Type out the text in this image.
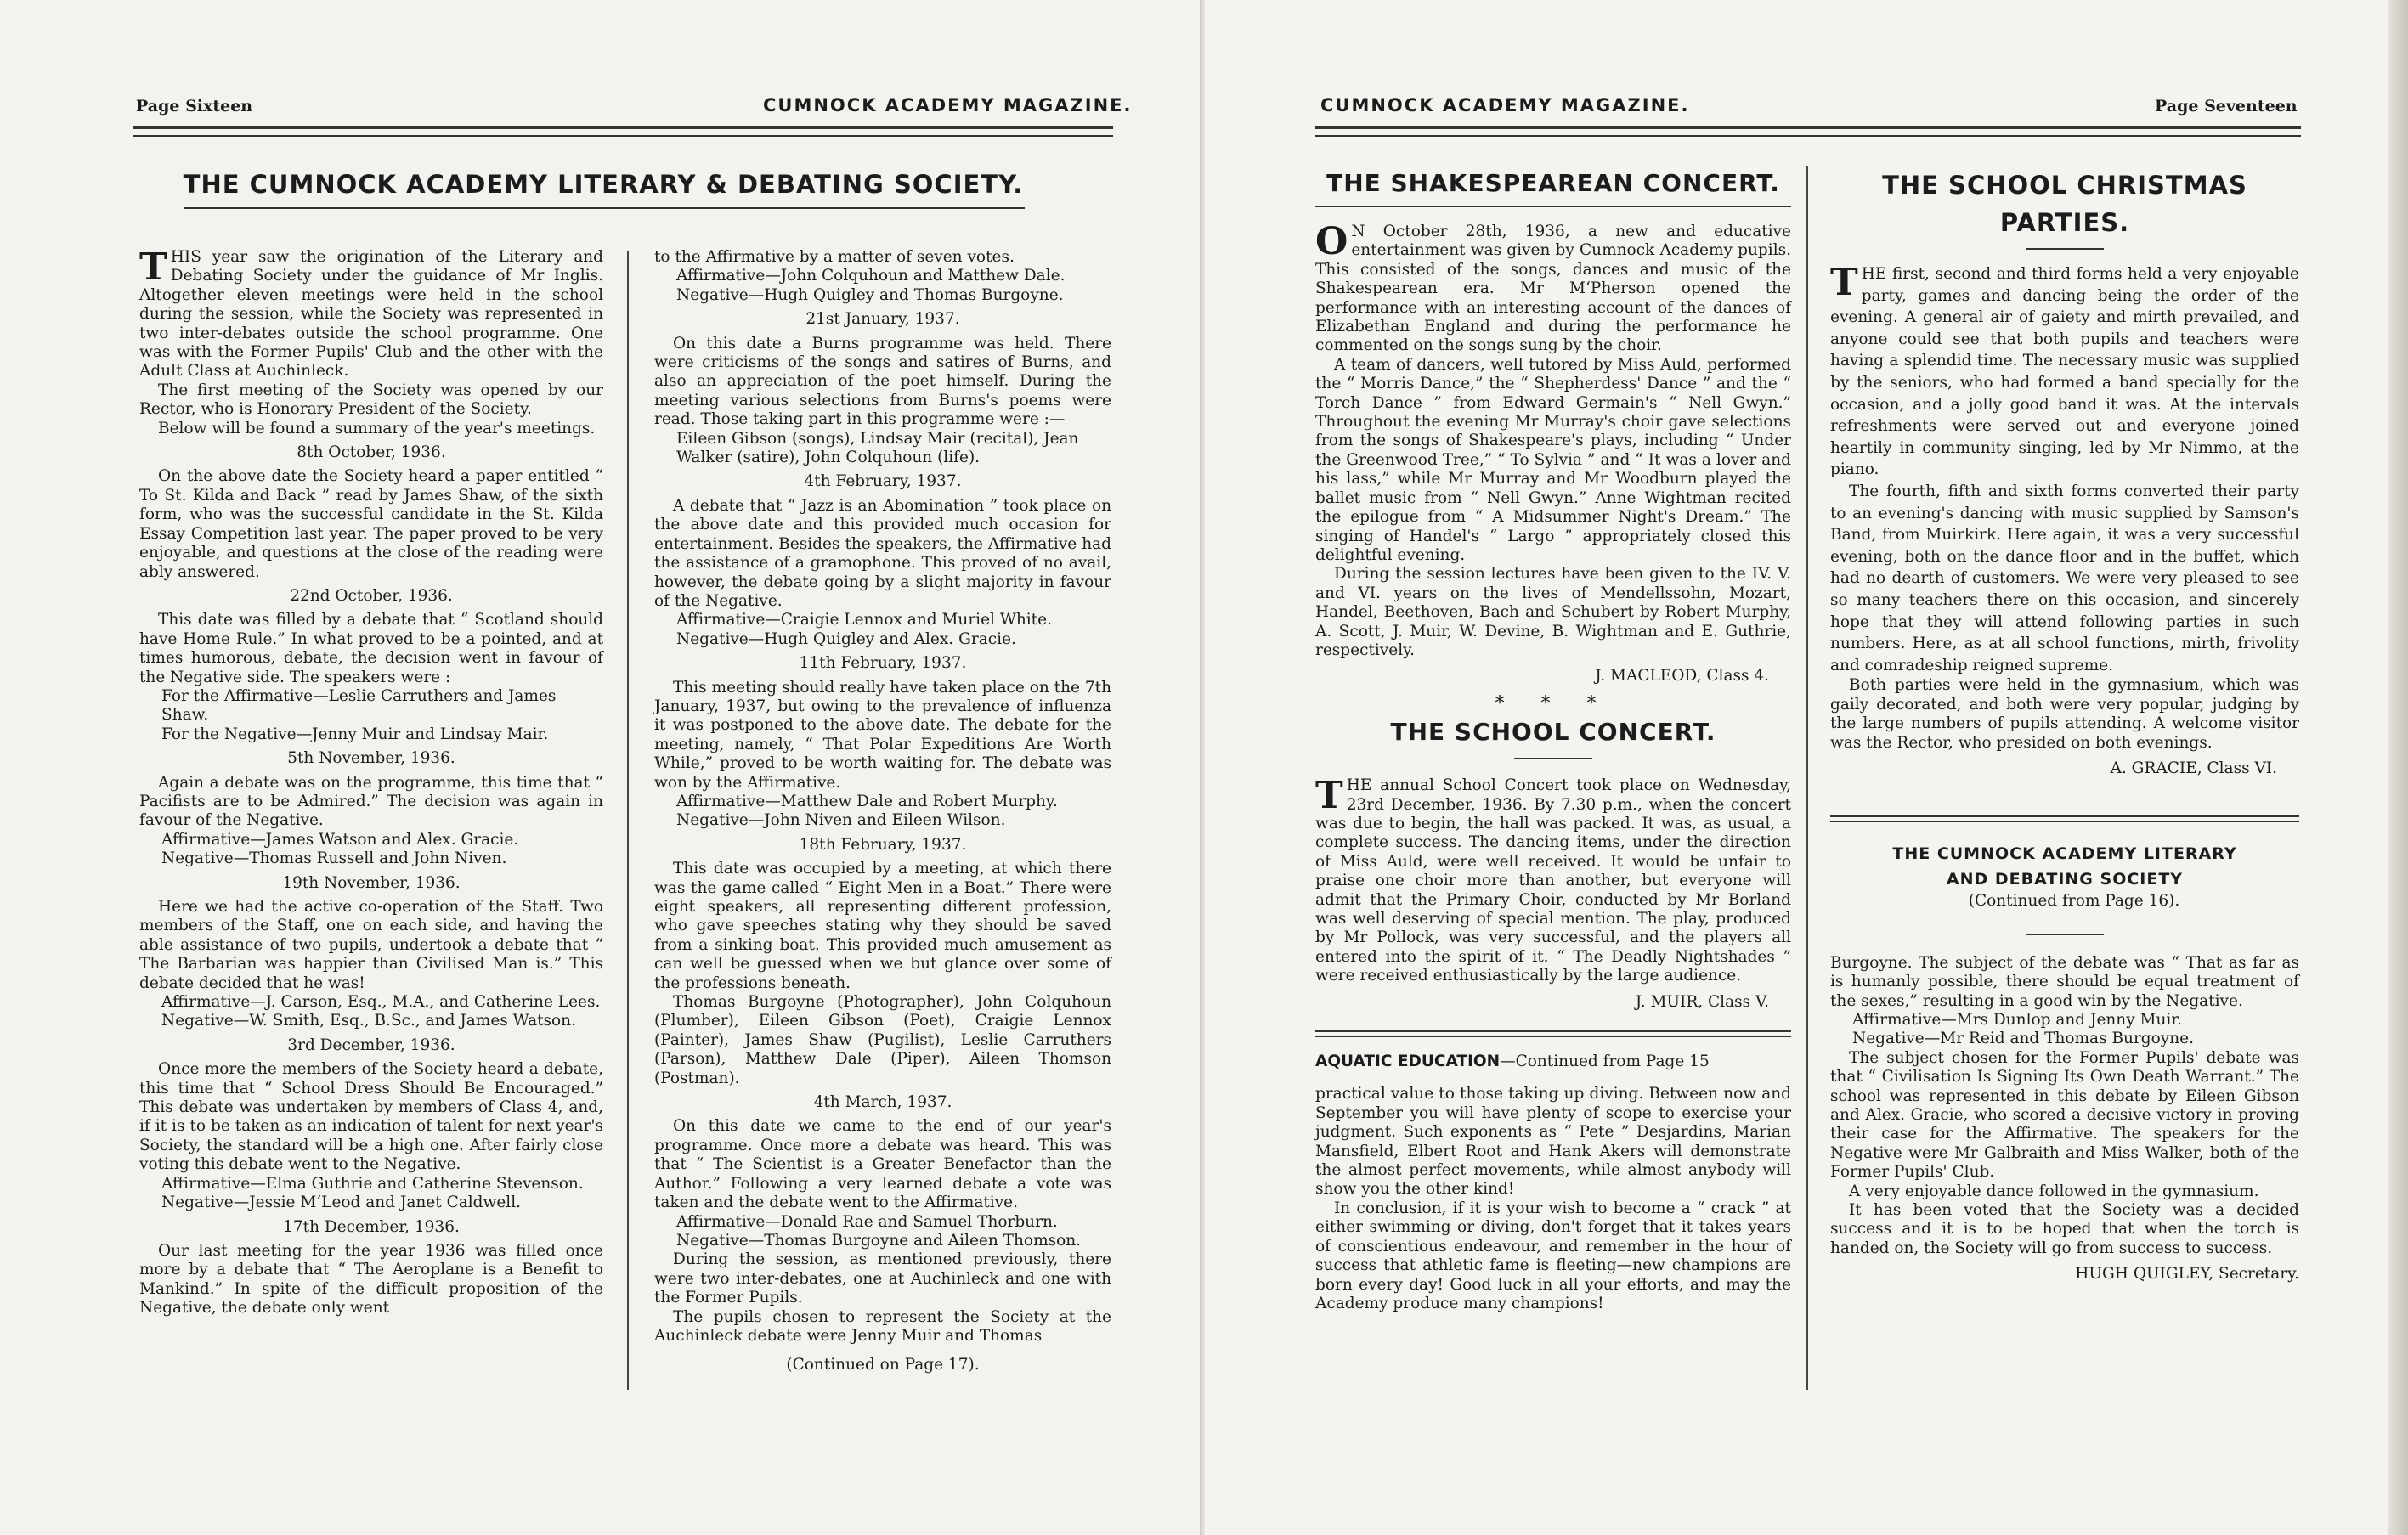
Page Sixteen	CUMNOCK ACADEMY MAGAZINE.
THE CUMNOCK ACADEMY LITERARY & DEBATING SOCIETY.

THIS year saw the origination of the Literary and Debating Society under the guidance of Mr Inglis. Altogether eleven meetings were held in the school during the session, while the Society was represented in two inter-debates outside the school programme. One was with the Former Pupils' Club and the other with the Adult Class at Auchinleck.

The first meeting of the Society was opened by our Rector, who is Honorary President of the Society.

Below will be found a summary of the year's meetings.

8th October, 1936.

On the above date the Society heard a paper entitled “ To St. Kilda and Back ” read by James Shaw, of the sixth form, who was the successful candidate in the St. Kilda Essay Competition last year. The paper proved to be very enjoyable, and questions at the close of the reading were ably answered.

22nd October, 1936.

This date was filled by a debate that “ Scotland should have Home Rule.” In what proved to be a pointed, and at times humorous, debate, the decision went in favour of the Negative side. The speakers were :

For the Affirmative—Leslie Carruthers and James Shaw.

For the Negative—Jenny Muir and Lindsay Mair.

5th November, 1936.

Again a debate was on the programme, this time that “ Pacifists are to be Admired.” The decision was again in favour of the Negative.

Affirmative—James Watson and Alex. Gracie.

Negative—Thomas Russell and John Niven.

19th November, 1936.

Here we had the active co-operation of the Staff. Two members of the Staff, one on each side, and having the able assistance of two pupils, undertook a debate that “ The Barbarian was happier than Civilised Man is.” This debate decided that he was!

Affirmative—J. Carson, Esq., M.A., and Catherine Lees.

Negative—W. Smith, Esq., B.Sc., and James Watson.

3rd December, 1936.

Once more the members of the Society heard a debate, this time that “ School Dress Should Be Encouraged.” This debate was undertaken by members of Class 4, and, if it is to be taken as an indication of talent for next year's Society, the standard will be a high one. After fairly close voting this debate went to the Negative.

Affirmative—Elma Guthrie and Catherine Stevenson.

Negative—Jessie M‘Leod and Janet Caldwell.

17th December, 1936.

Our last meeting for the year 1936 was filled once more by a debate that “ The Aeroplane is a Benefit to Mankind.” In spite of the difficult proposition of the Negative, the debate only went

to the Affirmative by a matter of seven votes.

Affirmative—John Colquhoun and Matthew Dale.

Negative—Hugh Quigley and Thomas Burgoyne.

21st January, 1937.

On this date a Burns programme was held. There were criticisms of the songs and satires of Burns, and also an appreciation of the poet himself. During the meeting various selections from Burns's poems were read. Those taking part in this programme were :—

Eileen Gibson (songs), Lindsay Mair (recital), Jean Walker (satire), John Colquhoun (life).

4th February, 1937.

A debate that “ Jazz is an Abomination ” took place on the above date and this provided much occasion for entertainment. Besides the speakers, the Affirmative had the assistance of a gramophone. This proved of no avail, however, the debate going by a slight majority in favour of the Negative.

Affirmative—Craigie Lennox and Muriel White.

Negative—Hugh Quigley and Alex. Gracie.

11th February, 1937.

This meeting should really have taken place on the 7th January, 1937, but owing to the prevalence of influenza it was postponed to the above date. The debate for the meeting, namely, “ That Polar Expeditions Are Worth While,” proved to be worth waiting for. The debate was won by the Affirmative.

Affirmative—Matthew Dale and Robert Murphy.

Negative—John Niven and Eileen Wilson.

18th February, 1937.

This date was occupied by a meeting, at which there was the game called “ Eight Men in a Boat.” There were eight speakers, all representing different profession, who gave speeches stating why they should be saved from a sinking boat. This provided much amusement as can well be guessed when we but glance over some of the professions beneath.

Thomas Burgoyne (Photographer), John Colquhoun (Plumber), Eileen Gibson (Poet), Craigie Lennox (Painter), James Shaw (Pugilist), Leslie Carruthers (Parson), Matthew Dale (Piper), Aileen Thomson (Postman).

4th March, 1937.

On this date we came to the end of our year's programme. Once more a debate was heard. This was that “ The Scientist is a Greater Benefactor than the Author.” Following a very learned debate a vote was taken and the debate went to the Affirmative.

Affirmative—Donald Rae and Samuel Thorburn.

Negative—Thomas Burgoyne and Aileen Thomson.

During the session, as mentioned previously, there were two inter-debates, one at Auchinleck and one with the Former Pupils.

The pupils chosen to represent the Society at the Auchinleck debate were Jenny Muir and Thomas

(Continued on Page 17).

CUMNOCK ACADEMY MAGAZINE.	Page Seventeen
THE SHAKESPEAREAN CONCERT.

O N October 28th, 1936, a new and educative entertainment was given by Cumnock Academy pupils. This consisted of the songs, dances and music of the Shakespearean era. Mr M‘Pherson opened the performance with an interesting account of the dances of Elizabethan England and during the performance he commented on the songs sung by the choir.

A team of dancers, well tutored by Miss Auld, performed the “ Morris Dance,” the “ Shepherdess' Dance ” and the “ Torch Dance ” from Edward Germain's “ Nell Gwyn.” Throughout the evening Mr Murray's choir gave selections from the songs of Shakespeare's plays, including “ Under the Greenwood Tree,” “ To Sylvia ” and “ It was a lover and his lass,” while Mr Murray and Mr Woodburn played the ballet music from “ Nell Gwyn.” Anne Wightman recited the epilogue from “ A Midsummer Night's Dream.” The singing of Handel's “ Largo ” appropriately closed this delightful evening.

During the session lectures have been given to the IV. V. and VI. years on the lives of Mendellssohn, Mozart, Handel, Beethoven, Bach and Schubert by Robert Murphy, A. Scott, J. Muir, W. Devine, B. Wightman and E. Guthrie, respectively.

J. MACLEOD, Class 4.

* * *

THE SCHOOL CONCERT.

THE annual School Concert took place on Wednesday, 23rd December, 1936. By 7.30 p.m., when the concert was due to begin, the hall was packed. It was, as usual, a complete success. The dancing items, under the direction of Miss Auld, were well received. It would be unfair to praise one choir more than another, but everyone will admit that the Primary Choir, conducted by Mr Borland was well deserving of special mention. The play, produced by Mr Pollock, was very successful, and the players all entered into the spirit of it. “ The Deadly Nightshades ” were received enthusiastically by the large audience.

J. MUIR, Class V.

AQUATIC EDUCATION—Continued from Page 15

practical value to those taking up diving. Between now and September you will have plenty of scope to exercise your judgment. Such exponents as “ Pete ” Desjardins, Marian Mansfield, Elbert Root and Hank Akers will demonstrate the almost perfect movements, while almost anybody will show you the other kind!

In conclusion, if it is your wish to become a “ crack ” at either swimming or diving, don't forget that it takes years of conscientious endeavour, and remember in the hour of success that athletic fame is fleeting—new champions are born every day! Good luck in all your efforts, and may the Academy produce many champions!

THE SCHOOL CHRISTMAS
PARTIES.

THE first, second and third forms held a very enjoyable party, games and dancing being the order of the evening. A general air of gaiety and mirth prevailed, and anyone could see that both pupils and teachers were having a splendid time. The necessary music was supplied by the seniors, who had formed a band specially for the occasion, and a jolly good band it was. At the intervals refreshments were served out and everyone joined heartily in community singing, led by Mr Nimmo, at the piano.

The fourth, fifth and sixth forms converted their party to an evening's dancing with music supplied by Samson's Band, from Muirkirk. Here again, it was a very successful evening, both on the dance floor and in the buffet, which had no dearth of customers. We were very pleased to see so many teachers there on this occasion, and sincerely hope that they will attend following parties in such numbers. Here, as at all school functions, mirth, frivolity and comradeship reigned supreme.

Both parties were held in the gymnasium, which was gaily decorated, and both were very popular, judging by the large numbers of pupils attending. A welcome visitor was the Rector, who presided on both evenings.

A. GRACIE, Class VI.

THE CUMNOCK ACADEMY LITERARY
AND DEBATING SOCIETY

(Continued from Page 16).

Burgoyne. The subject of the debate was “ That as far as is humanly possible, there should be equal treatment of the sexes,” resulting in a good win by the Negative.

Affirmative—Mrs Dunlop and Jenny Muir.

Negative—Mr Reid and Thomas Burgoyne.

The subject chosen for the Former Pupils' debate was that “ Civilisation Is Signing Its Own Death Warrant.” The school was represented in this debate by Eileen Gibson and Alex. Gracie, who scored a decisive victory in proving their case for the Affirmative. The speakers for the Negative were Mr Galbraith and Miss Walker, both of the Former Pupils' Club.

A very enjoyable dance followed in the gymnasium.

It has been voted that the Society was a decided success and it is to be hoped that when the torch is handed on, the Society will go from success to success.

HUGH QUIGLEY, Secretary.
